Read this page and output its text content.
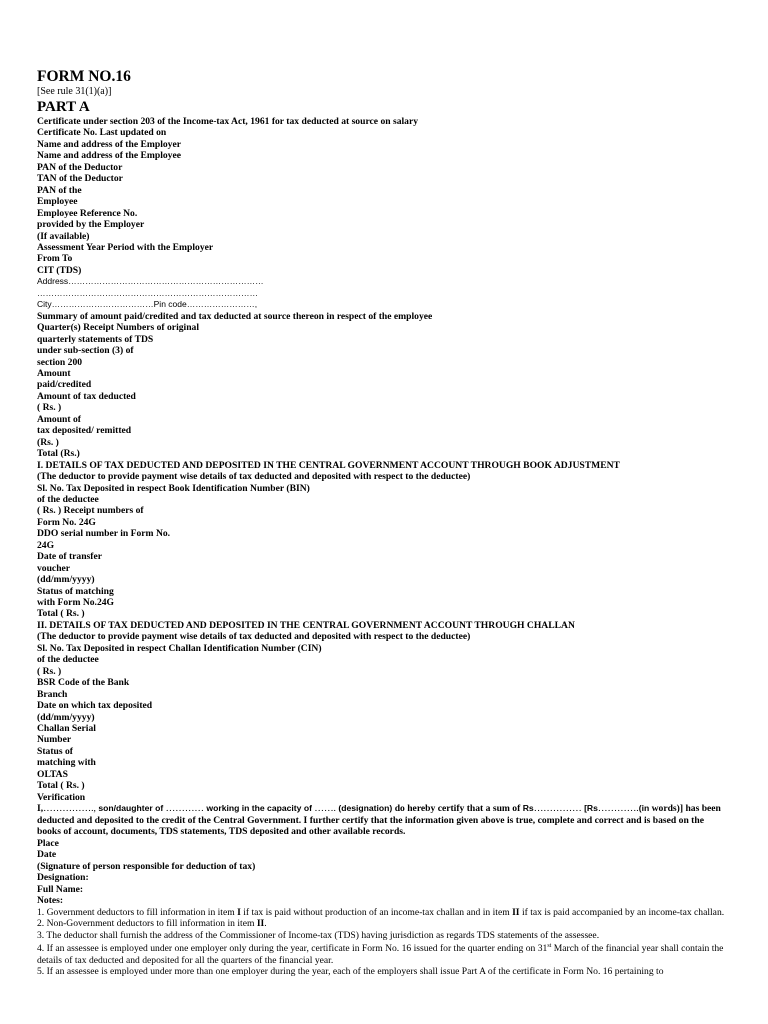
FORM NO.16
[See rule 31(1)(a)]
PART A
Certificate under section 203 of the Income-tax Act, 1961 for tax deducted at source on salary
Certificate No. Last updated on
Name and address of the Employer
Name and address of the Employee
PAN of the Deductor
TAN of the Deductor
PAN of the
Employee
Employee Reference No.
provided by the Employer
(If available)
Assessment Year Period with the Employer
From To
CIT (TDS)
Address……………………………………………………………
……………………………………………………………………
City………………………………Pin code……………………,
Summary of amount paid/credited and tax deducted at source thereon in respect of the employee
Quarter(s) Receipt Numbers of original
quarterly statements of TDS
under sub-section (3) of
section 200
Amount
paid/credited
Amount of tax deducted
( Rs. )
Amount of
tax deposited/ remitted
(Rs. )
Total (Rs.)
I. DETAILS OF TAX DEDUCTED AND DEPOSITED IN THE CENTRAL GOVERNMENT ACCOUNT THROUGH BOOK ADJUSTMENT
(The deductor to provide payment wise details of tax deducted and deposited with respect to the deductee)
Sl. No. Tax Deposited in respect Book Identification Number (BIN)
of the deductee
( Rs. ) Receipt numbers of
Form No. 24G
DDO serial number in Form No.
24G
Date of transfer
voucher
(dd/mm/yyyy)
Status of matching
with Form No.24G
Total ( Rs. )
II. DETAILS OF TAX DEDUCTED AND DEPOSITED IN THE CENTRAL GOVERNMENT ACCOUNT THROUGH CHALLAN
(The deductor to provide payment wise details of tax deducted and deposited with respect to the deductee)
Sl. No. Tax Deposited in respect Challan Identification Number (CIN)
of the deductee
( Rs. )
BSR Code of the Bank
Branch
Date on which tax deposited
(dd/mm/yyyy)
Challan Serial
Number
Status of
matching with
OLTAS
Total ( Rs. )
Verification
I,……………., son/daughter of ………… working in the capacity of ……. (designation) do hereby certify that a sum of Rs…………… [Rs………….(in words)] has been deducted and deposited to the credit of the Central Government. I further certify that the information given above is true, complete and correct and is based on the books of account, documents, TDS statements, TDS deposited and other available records.
Place
Date
(Signature of person responsible for deduction of tax)
Designation:
Full Name:
Notes:
1. Government deductors to fill information in item I if tax is paid without production of an income-tax challan and in item II if tax is paid accompanied by an income-tax challan.
2. Non-Government deductors to fill information in item II.
3. The deductor shall furnish the address of the Commissioner of Income-tax (TDS) having jurisdiction as regards TDS statements of the assessee.
4. If an assessee is employed under one employer only during the year, certificate in Form No. 16 issued for the quarter ending on 31st March of the financial year shall contain the details of tax deducted and deposited for all the quarters of the financial year.
5. If an assessee is employed under more than one employer during the year, each of the employers shall issue Part A of the certificate in Form No. 16 pertaining to
